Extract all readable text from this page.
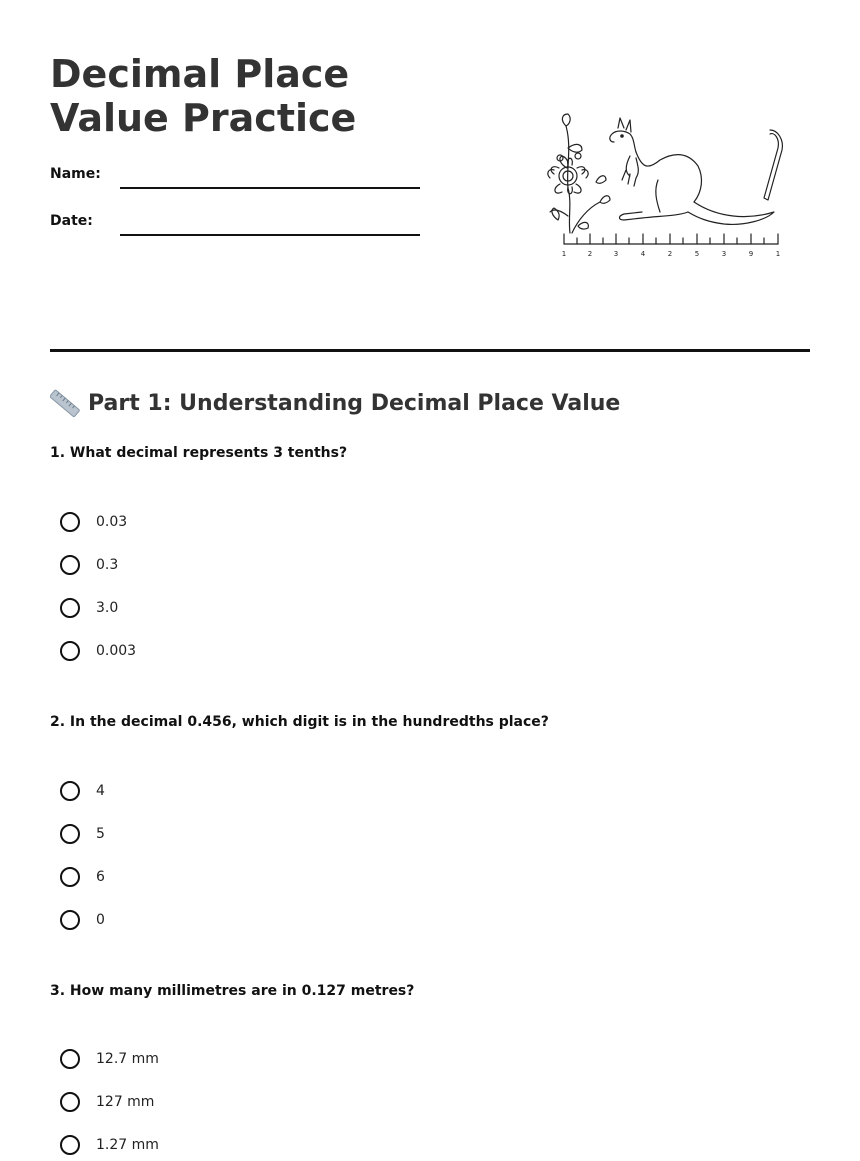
Decimal Place Value Practice
Name:
Date:
1	2	3	4	2	5	3	9	1
Part 1: Understanding Decimal Place Value

1. What decimal represents 3 tenths?

0.03
0.3
3.0
0.003

2. In the decimal 0.456, which digit is in the hundredths place?

4
5
6
0

3. How many millimetres are in 0.127 metres?

12.7 mm
127 mm
1.27 mm
